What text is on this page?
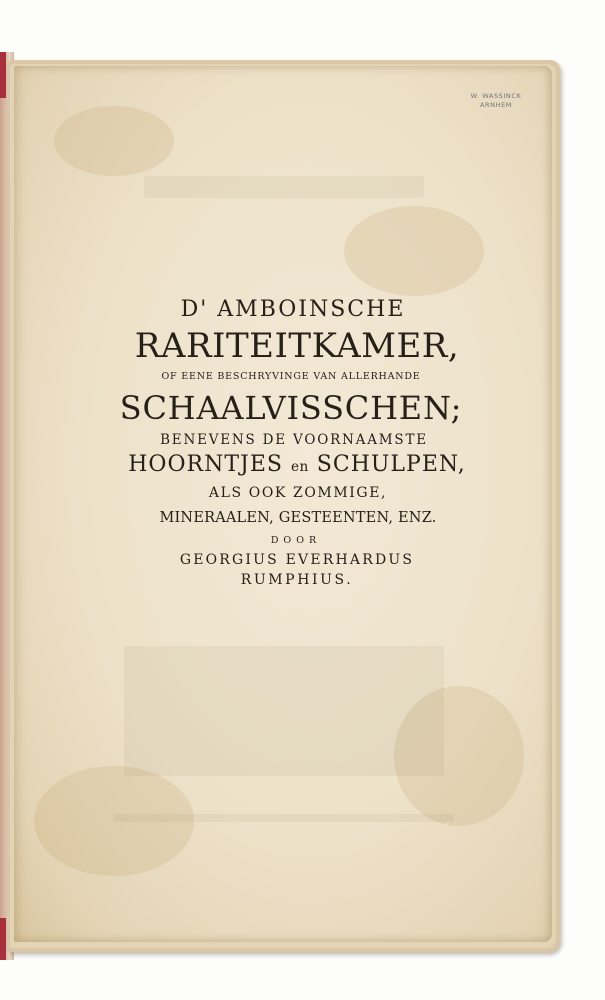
W. WASSINCK
ARNHEM
D' AMBOINSCHE
RARITEITKAMER,
OF EENE BESCHRYVINGE VAN ALLERHANDE
SCHAALVISSCHEN;
BENEVENS DE VOORNAAMSTE
HOORNTJES en SCHULPEN,
ALS OOK ZOMMIGE,
MINERAALEN, GESTEENTEN, ENZ.
DOOR
GEORGIUS EVERHARDUS
RUMPHIUS.
